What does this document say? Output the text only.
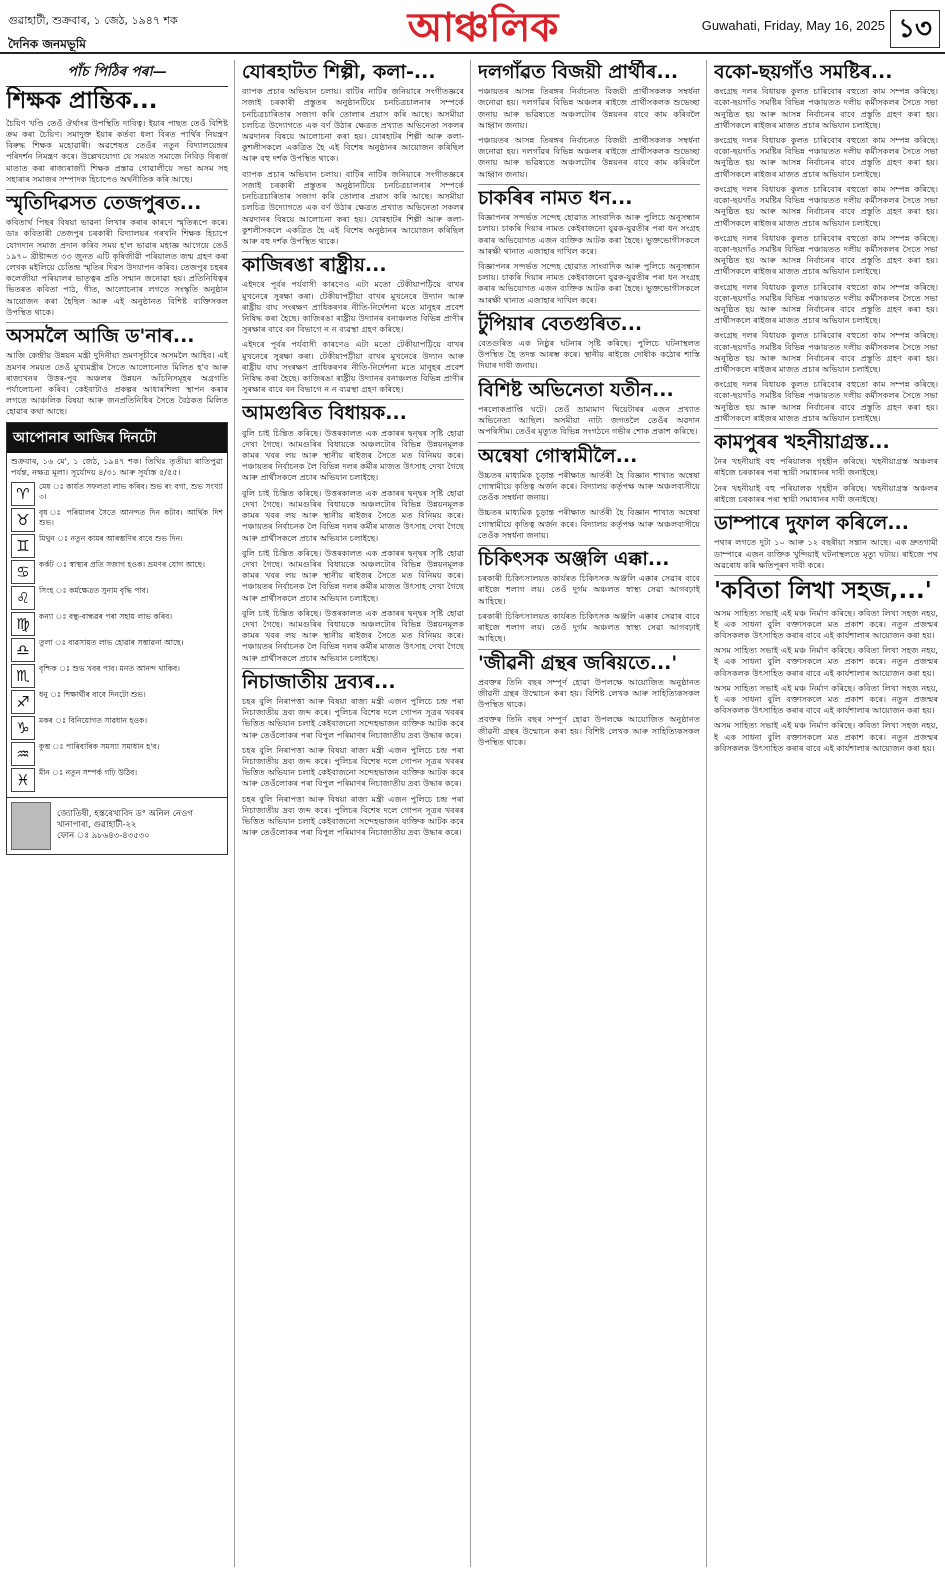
গুৱাহাটী, শুক্ৰবাৰ, ১ জেঠ, ১৯৪৭ শক
দৈনিক জনমভূমি	আঞ্চলিক	Guwahati, Friday, May 16, 2025 ১৩
পাঁচ পিঠিৰ পৰা—
শিক্ষক প্ৰান্তিক...

চৈয়িণ খণ্ডি তেওঁ ঔৰ্থাংৰ উপস্থিতি দাবিত্ব। ইয়াৰ পাছত তেওঁ বিশিষ্ট ক্ৰম কৰা চৈয়িণ। সমাদুক্ত ইয়াৰ কৰ্তব্য ধলা বিৰত পাৰ্থিৰ নিয়ন্ত্ৰণ বিৰুদ্ধ শিক্ষক মহোৱাৰী। অৱশেষত তেওঁৰ নতুন বিদ্যালয়েন্দ্ৰৰ পৰিদৰ্শন নিমন্ত্ৰণ কৰে। উল্লেখযোগ্য যে সময়ত সমাজে নিবিড় বিৰূৰ্জ মাতাত কৰা ৰাজ্যৰাজ্যী শিক্ষক প্ৰস্তাৱ গোৱালীয়ে সভা অসম সহ সহাৰাৰ সমাজৰ সম্পাদক হিচাপেও অৰ্থনীতিক কৰি আছে।

স্মৃতিদিৱসত তেজপুৰত...

কবিতাৰ্থ পিছৰ বিষয়া ভাৱনা লিখাৰ কৰাৰ কাৰণে স্মৃতিৰূপে কৰে। ডাঃ কবিতাৰী তেজপুৰ চৰকাৰী বিদ্যালয়ৰ গৰখনি শিক্ষক হিচাপে যোগদান সমাজ প্ৰদান কৰিব সময় হ'ল ভাৱাৰ মহাজ্ঞ আগেয়ে তেওঁ ১৯৭০ খ্ৰীষ্টাব্দত ৩৩ জুনত এটি কৃষিজীৱী পৰিয়ালত জন্ম গ্ৰহণ কৰা লেখক মইলিয়ে চেতিন্দ্ৰ স্মৃতিৰ দিৱস উদযাপন কৰিব। তেজপুৰ চহৰৰ কলেজীয়া পৰিয়ালৰ ভাতৃত্বৰ প্ৰতি সন্মান জনোৱা হয়। প্ৰতিনিধিত্বৰ ভিতৰত কবিতা পাঠ, গীত, আলোচনাৰ লগতে সংস্কৃতি অনুষ্ঠান আয়োজন কৰা হৈছিল আৰু এই অনুষ্ঠানত বিশিষ্ট ব্যক্তিসকল উপস্থিত থাকে।

অসমলৈ আজি ড'নাৰ...

আজি কেন্দ্ৰীয় উন্নয়ন মন্ত্ৰী দুদিনীয়া ভ্ৰমণসূচীৰে অসমলৈ আহিব। এই ভ্ৰমণৰ সময়ত তেওঁ মুখ্যমন্ত্ৰীৰ সৈতে আলোচনাত মিলিত হ'ব আৰু ৰাজ্যখনৰ উত্তৰ-পূব অঞ্চলৰ উন্নয়ন আঁচনিসমূহৰ অগ্ৰগতি পৰ্যালোচনা কৰিব। কেইবাটাও প্ৰকল্পৰ আধাৰশিলা স্থাপন কৰাৰ লগতে আঞ্চলিক বিষয়া আৰু জনপ্ৰতিনিধিৰ সৈতে বৈঠকত মিলিত হোৱাৰ কথা আছে।

আপোনাৰ আজিৰ দিনটো

শুক্ৰবাৰ, ১৬ মে', ১ জেঠ, ১৯৪৭ শক। তিথিঃ তৃতীয়া ৰাতিপুৱা পৰ্যন্ত, নক্ষত্ৰ মূলা। সূৰ্যোদয় ৪/৩১ আৰু সূৰ্যাস্ত ৫/৫৫।

♈	মেষ ঃ কাৰ্যত সফলতা লাভ কৰিব। শুভ ৰং বগা, শুভ সংখ্যা ৩।
♉	বৃষ ঃ পৰিয়ালৰ সৈতে আনন্দত দিন কটাব। আৰ্থিক দিশ শুভ।
♊	মিথুন ঃ নতুন কামৰ আৰম্ভণিৰ বাবে শুভ দিন।
♋	কৰ্কট ঃ স্বাস্থ্যৰ প্ৰতি সজাগ হওক। ভ্ৰমণৰ যোগ আছে।
♌	সিংহ ঃ কৰ্মক্ষেত্ৰত সুনাম বৃদ্ধি পাব।
♍	কন্যা ঃ বন্ধু-বান্ধৱৰ পৰা সহায় লাভ কৰিব।
♎	তুলা ঃ ব্যৱসায়ত লাভ হোৱাৰ সম্ভাৱনা আছে।
♏	বৃশ্চিক ঃ শুভ খবৰ পাব। মনত আনন্দ থাকিব।
♐	ধনু ঃ শিক্ষাৰ্থীৰ বাবে দিনটো শুভ।
♑	মকৰ ঃ বিনিয়োগত সাৱধান হওক।
♒	কুম্ভ ঃ পাৰিবাৰিক সমস্যা সমাধান হ'ব।
♓	মীন ঃ নতুন সম্পৰ্ক গঢ়ি উঠিব।
জ্যোতিষী, হস্তৰেখাবিদ ড° অনিল নেওগ
খানাপাৰা, গুৱাহাটী-২২
ফোন ঃ ৯৮৬৪৩-৪৩৫৩০
যোৰহাটত শিল্পী, কলা-...

ব্যাপক প্ৰচাৰ অভিযান চলায়। বাটিৰ নাটিৰ জনিয়াৰে সংগীতজ্ঞৰে সজাই চৰকাৰী প্ৰস্তুতৰ অনুষ্ঠানটিয়ে চনচিত্ৰচালনাৰ সম্পৰ্কে চনচিত্ৰচাৰিতাৰ সজাগ কৰি তোলাৰ প্ৰয়াস কৰি আছে। অসমীয়া চলচিত্ৰ উদ্যোগতে এক বৰ্ণ উঠাৰ ক্ষেত্ৰত প্ৰখ্যাত অভিনেতা সকলৰ অৱদানৰ বিষয়ে আলোচনা কৰা হয়। যোৰহাটৰ শিল্পী আৰু কলা-কুশলীসকলে একত্ৰিত হৈ এই বিশেষ অনুষ্ঠানৰ আয়োজন কৰিছিল আৰু বহু দৰ্শক উপস্থিত থাকে।

ব্যাপক প্ৰচাৰ অভিযান চলায়। বাটিৰ নাটিৰ জনিয়াৰে সংগীতজ্ঞৰে সজাই চৰকাৰী প্ৰস্তুতৰ অনুষ্ঠানটিয়ে চনচিত্ৰচালনাৰ সম্পৰ্কে চনচিত্ৰচাৰিতাৰ সজাগ কৰি তোলাৰ প্ৰয়াস কৰি আছে। অসমীয়া চলচিত্ৰ উদ্যোগতে এক বৰ্ণ উঠাৰ ক্ষেত্ৰত প্ৰখ্যাত অভিনেতা সকলৰ অৱদানৰ বিষয়ে আলোচনা কৰা হয়। যোৰহাটৰ শিল্পী আৰু কলা-কুশলীসকলে একত্ৰিত হৈ এই বিশেষ অনুষ্ঠানৰ আয়োজন কৰিছিল আৰু বহু দৰ্শক উপস্থিত থাকে।

কাজিৰঙা ৰাষ্ট্ৰীয়...

এইদৰে পূৰ্বৰ পৰ্যবাসী কাৰণেও এটা মতো টেকীয়াপট্টিয়ে বাখৰ মুখনেৰে সুৰক্ষা কৰা। টেকীয়াপট্টীয়া বাখৰ মুখনেৰে উদ্যান আৰু ৰাষ্ট্ৰীয় বাঘ সংৰক্ষণ প্ৰাধিকৰণৰ নীতি-নিৰ্দেশনা মতে মানুহৰ প্ৰবেশ নিষিদ্ধ কৰা হৈছে। কাজিৰঙা ৰাষ্ট্ৰীয় উদ্যানৰ বনাঞ্চলত বিভিন্ন প্ৰাণীৰ সুৰক্ষাৰ বাবে বন বিভাগে ন ন ব্যৱস্থা গ্ৰহণ কৰিছে।

এইদৰে পূৰ্বৰ পৰ্যবাসী কাৰণেও এটা মতো টেকীয়াপট্টিয়ে বাখৰ মুখনেৰে সুৰক্ষা কৰা। টেকীয়াপট্টীয়া বাখৰ মুখনেৰে উদ্যান আৰু ৰাষ্ট্ৰীয় বাঘ সংৰক্ষণ প্ৰাধিকৰণৰ নীতি-নিৰ্দেশনা মতে মানুহৰ প্ৰবেশ নিষিদ্ধ কৰা হৈছে। কাজিৰঙা ৰাষ্ট্ৰীয় উদ্যানৰ বনাঞ্চলত বিভিন্ন প্ৰাণীৰ সুৰক্ষাৰ বাবে বন বিভাগে ন ন ব্যৱস্থা গ্ৰহণ কৰিছে।

আমগুৰিত বিধায়ক...

বুলি চাই চিন্তিত কৰিছে। উত্তৰকালত এক প্ৰকাৰৰ দ্বন্দ্বৰ সৃষ্টি হোৱা দেখা গৈছে। আমগুৰিৰ বিধায়কে অঞ্চলটোৰ বিভিন্ন উন্নয়নমূলক কামৰ খবৰ লয় আৰু স্থানীয় ৰাইজৰ সৈতে মত বিনিময় কৰে। পঞ্চায়তৰ নিৰ্বাচনক লৈ বিভিন্ন দলৰ কৰ্মীৰ মাজত উৎসাহ দেখা গৈছে আৰু প্ৰাৰ্থীসকলে প্ৰচাৰ অভিযান চলাইছে।

বুলি চাই চিন্তিত কৰিছে। উত্তৰকালত এক প্ৰকাৰৰ দ্বন্দ্বৰ সৃষ্টি হোৱা দেখা গৈছে। আমগুৰিৰ বিধায়কে অঞ্চলটোৰ বিভিন্ন উন্নয়নমূলক কামৰ খবৰ লয় আৰু স্থানীয় ৰাইজৰ সৈতে মত বিনিময় কৰে। পঞ্চায়তৰ নিৰ্বাচনক লৈ বিভিন্ন দলৰ কৰ্মীৰ মাজত উৎসাহ দেখা গৈছে আৰু প্ৰাৰ্থীসকলে প্ৰচাৰ অভিযান চলাইছে।

বুলি চাই চিন্তিত কৰিছে। উত্তৰকালত এক প্ৰকাৰৰ দ্বন্দ্বৰ সৃষ্টি হোৱা দেখা গৈছে। আমগুৰিৰ বিধায়কে অঞ্চলটোৰ বিভিন্ন উন্নয়নমূলক কামৰ খবৰ লয় আৰু স্থানীয় ৰাইজৰ সৈতে মত বিনিময় কৰে। পঞ্চায়তৰ নিৰ্বাচনক লৈ বিভিন্ন দলৰ কৰ্মীৰ মাজত উৎসাহ দেখা গৈছে আৰু প্ৰাৰ্থীসকলে প্ৰচাৰ অভিযান চলাইছে।

বুলি চাই চিন্তিত কৰিছে। উত্তৰকালত এক প্ৰকাৰৰ দ্বন্দ্বৰ সৃষ্টি হোৱা দেখা গৈছে। আমগুৰিৰ বিধায়কে অঞ্চলটোৰ বিভিন্ন উন্নয়নমূলক কামৰ খবৰ লয় আৰু স্থানীয় ৰাইজৰ সৈতে মত বিনিময় কৰে। পঞ্চায়তৰ নিৰ্বাচনক লৈ বিভিন্ন দলৰ কৰ্মীৰ মাজত উৎসাহ দেখা গৈছে আৰু প্ৰাৰ্থীসকলে প্ৰচাৰ অভিযান চলাইছে।

নিচাজাতীয় দ্ৰব্যৰ...

চহৰ বুলি নিৰাপত্তা আৰু বিষয়া ৰাজ্য মন্ত্ৰী এজন পুলিচে চন্দ্ৰ পৰা নিচাজাতীয় দ্ৰব্য জব্দ কৰে। পুলিচৰ বিশেষ দলে গোপন সূত্ৰৰ খবৰৰ ভিত্তিত অভিযান চলাই কেইবাজনো সন্দেহভাজন ব্যক্তিক আটক কৰে আৰু তেওঁলোকৰ পৰা বিপুল পৰিমাণৰ নিচাজাতীয় দ্ৰব্য উদ্ধাৰ কৰে।

চহৰ বুলি নিৰাপত্তা আৰু বিষয়া ৰাজ্য মন্ত্ৰী এজন পুলিচে চন্দ্ৰ পৰা নিচাজাতীয় দ্ৰব্য জব্দ কৰে। পুলিচৰ বিশেষ দলে গোপন সূত্ৰৰ খবৰৰ ভিত্তিত অভিযান চলাই কেইবাজনো সন্দেহভাজন ব্যক্তিক আটক কৰে আৰু তেওঁলোকৰ পৰা বিপুল পৰিমাণৰ নিচাজাতীয় দ্ৰব্য উদ্ধাৰ কৰে।

চহৰ বুলি নিৰাপত্তা আৰু বিষয়া ৰাজ্য মন্ত্ৰী এজন পুলিচে চন্দ্ৰ পৰা নিচাজাতীয় দ্ৰব্য জব্দ কৰে। পুলিচৰ বিশেষ দলে গোপন সূত্ৰৰ খবৰৰ ভিত্তিত অভিযান চলাই কেইবাজনো সন্দেহভাজন ব্যক্তিক আটক কৰে আৰু তেওঁলোকৰ পৰা বিপুল পৰিমাণৰ নিচাজাতীয় দ্ৰব্য উদ্ধাৰ কৰে।

দলগাঁৱত বিজয়ী প্ৰাৰ্থীৰ...

পঞ্চায়তৰ আসন্ন তিৰঙ্গৰ নিৰ্বাচনত বিজয়ী প্ৰাৰ্থীসকলক সম্বৰ্ধনা জনোৱা হয়। দলগাঁৱৰ বিভিন্ন অঞ্চলৰ ৰাইজে প্ৰাৰ্থীসকলক শুভেচ্ছা জনায় আৰু ভৱিষ্যতে অঞ্চলটোৰ উন্নয়নৰ বাবে কাম কৰিবলৈ আহ্বান জনায়।

পঞ্চায়তৰ আসন্ন তিৰঙ্গৰ নিৰ্বাচনত বিজয়ী প্ৰাৰ্থীসকলক সম্বৰ্ধনা জনোৱা হয়। দলগাঁৱৰ বিভিন্ন অঞ্চলৰ ৰাইজে প্ৰাৰ্থীসকলক শুভেচ্ছা জনায় আৰু ভৱিষ্যতে অঞ্চলটোৰ উন্নয়নৰ বাবে কাম কৰিবলৈ আহ্বান জনায়।

চাকৰিৰ নামত ধন...

বিজ্ঞাপনৰ সন্দৰ্ভত সন্দেহ হোৱাত সাংবাদিক আৰু পুলিচে অনুসন্ধান চলায়। চাকৰি দিয়াৰ নামত কেইবাজনো যুৱক-যুৱতীৰ পৰা ধন সংগ্ৰহ কৰাৰ অভিযোগত এজন ব্যক্তিক আটক কৰা হৈছে। ভুক্তভোগীসকলে আৰক্ষী থানাত এজাহাৰ দাখিল কৰে।

বিজ্ঞাপনৰ সন্দৰ্ভত সন্দেহ হোৱাত সাংবাদিক আৰু পুলিচে অনুসন্ধান চলায়। চাকৰি দিয়াৰ নামত কেইবাজনো যুৱক-যুৱতীৰ পৰা ধন সংগ্ৰহ কৰাৰ অভিযোগত এজন ব্যক্তিক আটক কৰা হৈছে। ভুক্তভোগীসকলে আৰক্ষী থানাত এজাহাৰ দাখিল কৰে।

টুপিয়াৰ বেতগুৰিত...

বেতগুৰিত এক নিষ্ঠুৰ ঘটনাৰ সৃষ্টি কৰিছে। পুলিচে ঘটনাস্থলত উপস্থিত হৈ তদন্ত আৰম্ভ কৰে। স্থানীয় ৰাইজে দোষীক কঠোৰ শাস্তি দিয়াৰ দাবী জনায়।

বিশিষ্ট অভিনেতা যতীন...

পৰলোকপ্ৰাপ্তি ঘটে। তেওঁ ভ্ৰাম্যমাণ থিয়েটাৰৰ এজন প্ৰখ্যাত অভিনেতা আছিল। অসমীয়া নাট্য জগতলৈ তেওঁৰ অৱদান অপৰিসীম। তেওঁৰ মৃত্যুত বিভিন্ন সংগঠনে গভীৰ শোক প্ৰকাশ কৰিছে।

অন্বেষা গোস্বামীলৈ...

উচ্চতৰ মাধ্যমিক চূড়ান্ত পৰীক্ষাত আৰ্তৰী হৈ বিজ্ঞান শাখাত অন্বেষা গোস্বামীয়ে কৃতিত্ব অৰ্জন কৰে। বিদ্যালয় কৰ্তৃপক্ষ আৰু অঞ্চলবাসীয়ে তেওঁক সম্বৰ্ধনা জনায়।

উচ্চতৰ মাধ্যমিক চূড়ান্ত পৰীক্ষাত আৰ্তৰী হৈ বিজ্ঞান শাখাত অন্বেষা গোস্বামীয়ে কৃতিত্ব অৰ্জন কৰে। বিদ্যালয় কৰ্তৃপক্ষ আৰু অঞ্চলবাসীয়ে তেওঁক সম্বৰ্ধনা জনায়।

চিকিৎসক অঞ্জলি এক্কা...

চৰকাৰী চিকিৎসালয়ত কাৰ্যৰত চিকিৎসক অঞ্জলি এক্কাৰ সেৱাৰ বাবে ৰাইজে শলাগ লয়। তেওঁ দুৰ্গম অঞ্চলত স্বাস্থ্য সেৱা আগবঢ়াই আহিছে।

চৰকাৰী চিকিৎসালয়ত কাৰ্যৰত চিকিৎসক অঞ্জলি এক্কাৰ সেৱাৰ বাবে ৰাইজে শলাগ লয়। তেওঁ দুৰ্গম অঞ্চলত স্বাস্থ্য সেৱা আগবঢ়াই আহিছে।

'জীৱনী গ্ৰন্থৰ জৰিয়তে...'

প্ৰবক্তৰ তিনি বছৰ সম্পূৰ্ণ হোৱা উপলক্ষে আয়োজিত অনুষ্ঠানত জীৱনী গ্ৰন্থৰ উন্মোচন কৰা হয়। বিশিষ্ট লেখক আৰু সাহিত্যিকসকল উপস্থিত থাকে।

প্ৰবক্তৰ তিনি বছৰ সম্পূৰ্ণ হোৱা উপলক্ষে আয়োজিত অনুষ্ঠানত জীৱনী গ্ৰন্থৰ উন্মোচন কৰা হয়। বিশিষ্ট লেখক আৰু সাহিত্যিকসকল উপস্থিত থাকে।

বকো-ছয়গাঁও সমষ্টিৰ...

কংগ্ৰেছ দলৰ বিধায়ক কুলত চাৰিবোৰ বহুতো কাম সম্পন্ন কৰিছে। বকো-ছয়গাঁও সমষ্টিৰ বিভিন্ন পঞ্চায়তত দলীয় কৰ্মীসকলৰ সৈতে সভা অনুষ্ঠিত হয় আৰু আসন্ন নিৰ্বাচনৰ বাবে প্ৰস্তুতি গ্ৰহণ কৰা হয়। প্ৰাৰ্থীসকলে ৰাইজৰ মাজত প্ৰচাৰ অভিযান চলাইছে।

কংগ্ৰেছ দলৰ বিধায়ক কুলত চাৰিবোৰ বহুতো কাম সম্পন্ন কৰিছে। বকো-ছয়গাঁও সমষ্টিৰ বিভিন্ন পঞ্চায়তত দলীয় কৰ্মীসকলৰ সৈতে সভা অনুষ্ঠিত হয় আৰু আসন্ন নিৰ্বাচনৰ বাবে প্ৰস্তুতি গ্ৰহণ কৰা হয়। প্ৰাৰ্থীসকলে ৰাইজৰ মাজত প্ৰচাৰ অভিযান চলাইছে।

কংগ্ৰেছ দলৰ বিধায়ক কুলত চাৰিবোৰ বহুতো কাম সম্পন্ন কৰিছে। বকো-ছয়গাঁও সমষ্টিৰ বিভিন্ন পঞ্চায়তত দলীয় কৰ্মীসকলৰ সৈতে সভা অনুষ্ঠিত হয় আৰু আসন্ন নিৰ্বাচনৰ বাবে প্ৰস্তুতি গ্ৰহণ কৰা হয়। প্ৰাৰ্থীসকলে ৰাইজৰ মাজত প্ৰচাৰ অভিযান চলাইছে।

কংগ্ৰেছ দলৰ বিধায়ক কুলত চাৰিবোৰ বহুতো কাম সম্পন্ন কৰিছে। বকো-ছয়গাঁও সমষ্টিৰ বিভিন্ন পঞ্চায়তত দলীয় কৰ্মীসকলৰ সৈতে সভা অনুষ্ঠিত হয় আৰু আসন্ন নিৰ্বাচনৰ বাবে প্ৰস্তুতি গ্ৰহণ কৰা হয়। প্ৰাৰ্থীসকলে ৰাইজৰ মাজত প্ৰচাৰ অভিযান চলাইছে।

কংগ্ৰেছ দলৰ বিধায়ক কুলত চাৰিবোৰ বহুতো কাম সম্পন্ন কৰিছে। বকো-ছয়গাঁও সমষ্টিৰ বিভিন্ন পঞ্চায়তত দলীয় কৰ্মীসকলৰ সৈতে সভা অনুষ্ঠিত হয় আৰু আসন্ন নিৰ্বাচনৰ বাবে প্ৰস্তুতি গ্ৰহণ কৰা হয়। প্ৰাৰ্থীসকলে ৰাইজৰ মাজত প্ৰচাৰ অভিযান চলাইছে।

কংগ্ৰেছ দলৰ বিধায়ক কুলত চাৰিবোৰ বহুতো কাম সম্পন্ন কৰিছে। বকো-ছয়গাঁও সমষ্টিৰ বিভিন্ন পঞ্চায়তত দলীয় কৰ্মীসকলৰ সৈতে সভা অনুষ্ঠিত হয় আৰু আসন্ন নিৰ্বাচনৰ বাবে প্ৰস্তুতি গ্ৰহণ কৰা হয়। প্ৰাৰ্থীসকলে ৰাইজৰ মাজত প্ৰচাৰ অভিযান চলাইছে।

কংগ্ৰেছ দলৰ বিধায়ক কুলত চাৰিবোৰ বহুতো কাম সম্পন্ন কৰিছে। বকো-ছয়গাঁও সমষ্টিৰ বিভিন্ন পঞ্চায়তত দলীয় কৰ্মীসকলৰ সৈতে সভা অনুষ্ঠিত হয় আৰু আসন্ন নিৰ্বাচনৰ বাবে প্ৰস্তুতি গ্ৰহণ কৰা হয়। প্ৰাৰ্থীসকলে ৰাইজৰ মাজত প্ৰচাৰ অভিযান চলাইছে।

কামপুৰৰ খহনীয়াগ্ৰস্ত...

নৈৰ খহনীয়াই বহু পৰিয়ালক গৃহহীন কৰিছে। খহনীয়াগ্ৰস্ত অঞ্চলৰ ৰাইজে চৰকাৰৰ পৰা স্থায়ী সমাধানৰ দাবী জনাইছে।

নৈৰ খহনীয়াই বহু পৰিয়ালক গৃহহীন কৰিছে। খহনীয়াগ্ৰস্ত অঞ্চলৰ ৰাইজে চৰকাৰৰ পৰা স্থায়ী সমাধানৰ দাবী জনাইছে।

ডাম্পাৰে দুফাল কৰিলে...

পথাৰ লগতে দুটা ১০ আৰু ১২ বছৰীয়া সন্তান আছে। এক দ্ৰুতগামী ডাম্পাৰে এজন ব্যক্তিক খুন্দিয়াই ঘটনাস্থলতে মৃত্যু ঘটায়। ৰাইজে পথ অৱৰোধ কৰি ক্ষতিপূৰণ দাবী কৰে।

'কবিতা লিখা সহজ,...'

অসম সাহিত্য সভাই এই মঞ্চ নিৰ্মাণ কৰিছে। কবিতা লিখা সহজ নহয়, ই এক সাধনা বুলি বক্তাসকলে মত প্ৰকাশ কৰে। নতুন প্ৰজন্মৰ কবিসকলক উৎসাহিত কৰাৰ বাবে এই কাৰ্যশালাৰ আয়োজন কৰা হয়।

অসম সাহিত্য সভাই এই মঞ্চ নিৰ্মাণ কৰিছে। কবিতা লিখা সহজ নহয়, ই এক সাধনা বুলি বক্তাসকলে মত প্ৰকাশ কৰে। নতুন প্ৰজন্মৰ কবিসকলক উৎসাহিত কৰাৰ বাবে এই কাৰ্যশালাৰ আয়োজন কৰা হয়।

অসম সাহিত্য সভাই এই মঞ্চ নিৰ্মাণ কৰিছে। কবিতা লিখা সহজ নহয়, ই এক সাধনা বুলি বক্তাসকলে মত প্ৰকাশ কৰে। নতুন প্ৰজন্মৰ কবিসকলক উৎসাহিত কৰাৰ বাবে এই কাৰ্যশালাৰ আয়োজন কৰা হয়।

অসম সাহিত্য সভাই এই মঞ্চ নিৰ্মাণ কৰিছে। কবিতা লিখা সহজ নহয়, ই এক সাধনা বুলি বক্তাসকলে মত প্ৰকাশ কৰে। নতুন প্ৰজন্মৰ কবিসকলক উৎসাহিত কৰাৰ বাবে এই কাৰ্যশালাৰ আয়োজন কৰা হয়।
